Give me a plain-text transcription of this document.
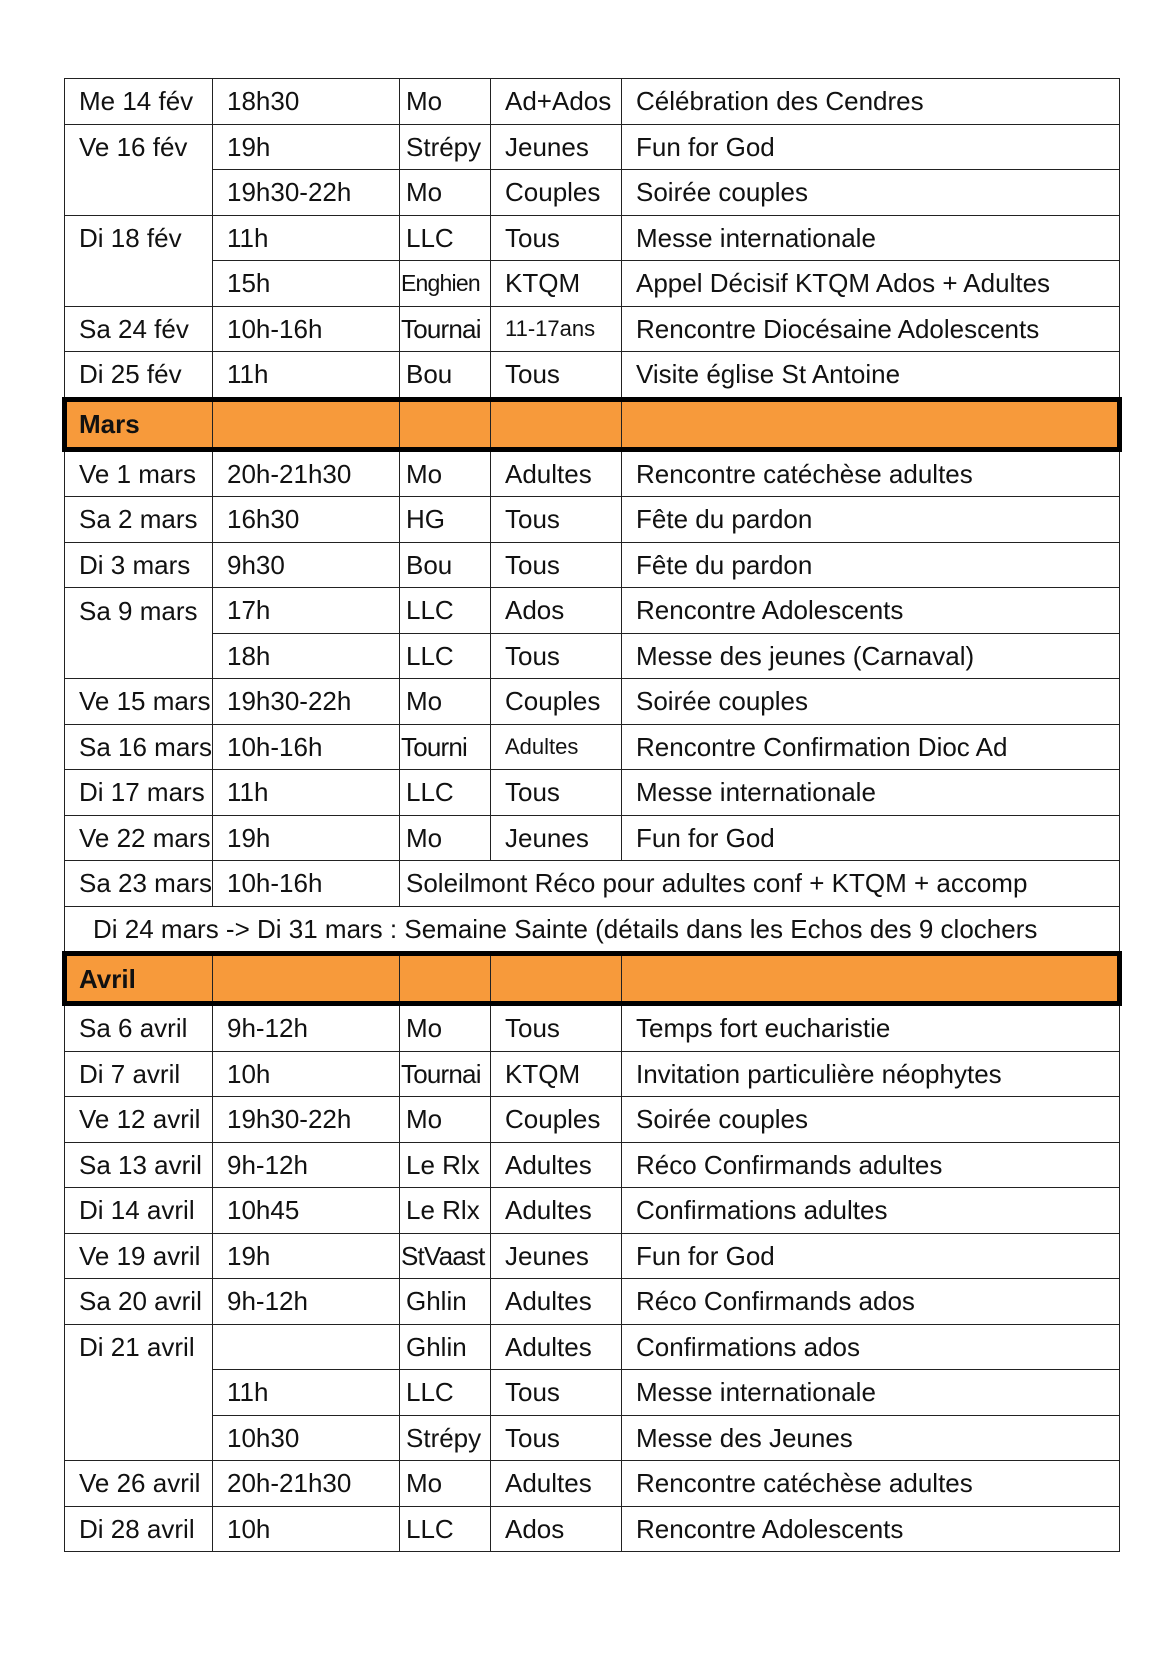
Me 14 fév	18h30	Mo	Ad+Ados	Célébration des Cendres
Ve 16 fév	19h	Strépy	Jeunes	Fun for God
	19h30-22h	Mo	Couples	Soirée couples
Di 18 fév	11h	LLC	Tous	Messe internationale
	15h	Enghien	KTQM	Appel Décisif KTQM Ados + Adultes
Sa 24 fév	10h-16h	Tournai	11-17ans	Rencontre Diocésaine Adolescents
Di 25 fév	11h	Bou	Tous	Visite église St Antoine
Mars				
Ve 1 mars	20h-21h30	Mo	Adultes	Rencontre catéchèse adultes
Sa 2 mars	16h30	HG	Tous	Fête du pardon
Di 3 mars	9h30	Bou	Tous	Fête du pardon
Sa 9 mars	17h	LLC	Ados	Rencontre Adolescents
	18h	LLC	Tous	Messe des jeunes (Carnaval)
Ve 15 mars	19h30-22h	Mo	Couples	Soirée couples
Sa 16 mars	10h-16h	Tourni	Adultes	Rencontre Confirmation Dioc Ad
Di 17 mars	11h	LLC	Tous	Messe internationale
Ve 22 mars	19h	Mo	Jeunes	Fun for God
Sa 23 mars	10h-16h	Soleilmont Réco pour adultes conf + KTQM + accomp		
Di 24 mars -> Di 31 mars : Semaine Sainte (détails dans les Echos des 9 clochers				
Avril				
Sa 6 avril	9h-12h	Mo	Tous	Temps fort eucharistie
Di 7 avril	10h	Tournai	KTQM	Invitation particulière néophytes
Ve 12 avril	19h30-22h	Mo	Couples	Soirée couples
Sa 13 avril	9h-12h	Le Rlx	Adultes	Réco Confirmands adultes
Di 14 avril	10h45	Le Rlx	Adultes	Confirmations adultes
Ve 19 avril	19h	StVaast	Jeunes	Fun for God
Sa 20 avril	9h-12h	Ghlin	Adultes	Réco Confirmands ados
Di 21 avril		Ghlin	Adultes	Confirmations ados
	11h	LLC	Tous	Messe internationale
	10h30	Strépy	Tous	Messe des Jeunes
Ve 26 avril	20h-21h30	Mo	Adultes	Rencontre catéchèse adultes
Di 28 avril	10h	LLC	Ados	Rencontre Adolescents
